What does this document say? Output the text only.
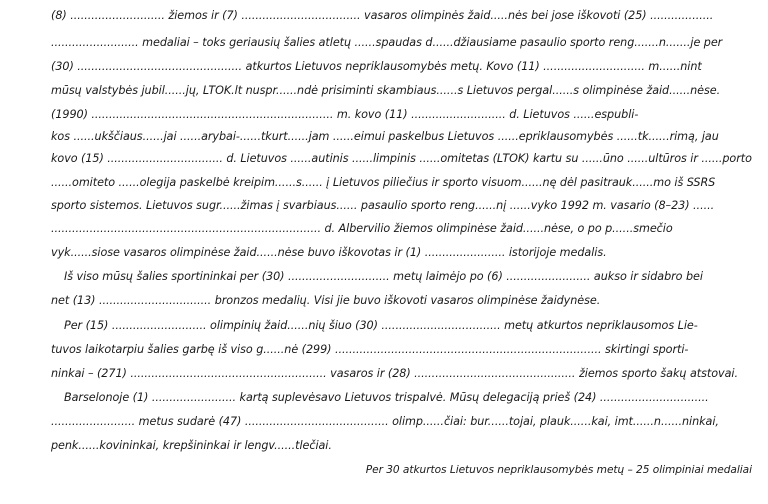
(8) ........................... žiemos ir (7) .................................. vasaros olimpinės žaid.....nės bei jose iškovoti (25) ..................
......................... medaliai – toks geriausių šalies atletų ......spaudas d......džiausiame pasaulio sporto reng.......n.......je per
(30) ............................................... atkurtos Lietuvos nepriklausomybės metų. Kovo (11) ............................. m......nint
mūsų valstybės jubil......jų, LTOK.lt nuspr......ndė prisiminti skambiaus......s Lietuvos pergal......s olimpinėse žaid......nėse.
(1990) ..................................................................... m. kovo (11) ........................... d. Lietuvos ......espubli-
kos ......ukščiaus......jai ......arybai-......tkurt......jam ......eimui paskelbus Lietuvos ......epriklausomybės ......tk......rimą, jau
kovo (15) ................................. d. Lietuvos ......autinis ......limpinis ......omitetas (LTOK) kartu su ......ūno ......ultūros ir ......porto
......omiteto ......olegija paskelbė kreipim......s...... į Lietuvos piliečius ir sporto visuom......nę dėl pasitrauk......mo iš SSRS
sporto sistemos. Lietuvos sugr......žimas į svarbiaus...... pasaulio sporto reng......nį ......vyko 1992 m. vasario (8–23) ......
............................................................................. d. Albervilio žiemos olimpinėse žaid......nėse, o po p......smečio
vyk......siose vasaros olimpinėse žaid......nėse buvo iškovotas ir (1) ....................... istorijoje medalis.
Iš viso mūsų šalies sportininkai per (30) ............................. metų laimėjo po (6) ........................ aukso ir sidabro bei
net (13) ................................ bronzos medalių. Visi jie buvo iškovoti vasaros olimpinėse žaidynėse.
Per (15) ........................... olimpinių žaid......nių šiuo (30) .................................. metų atkurtos nepriklausomos Lie-
tuvos laikotarpiu šalies garbę iš viso g......nė (299) ............................................................................ skirtingi sporti-
ninkai – (271) ........................................................ vasaros ir (28) .............................................. žiemos sporto šakų atstovai.
Barselonoje (1) ........................ kartą suplevėsavo Lietuvos trispalvė. Mūsų delegaciją prieš (24) ...............................
........................ metus sudarė (47) ......................................... olimp......čiai: bur......tojai, plauk......kai, imt......n......ninkai,
penk......kovininkai, krepšininkai ir lengv......tlečiai.
Per 30 atkurtos Lietuvos nepriklausomybės metų – 25 olimpiniai medaliai
